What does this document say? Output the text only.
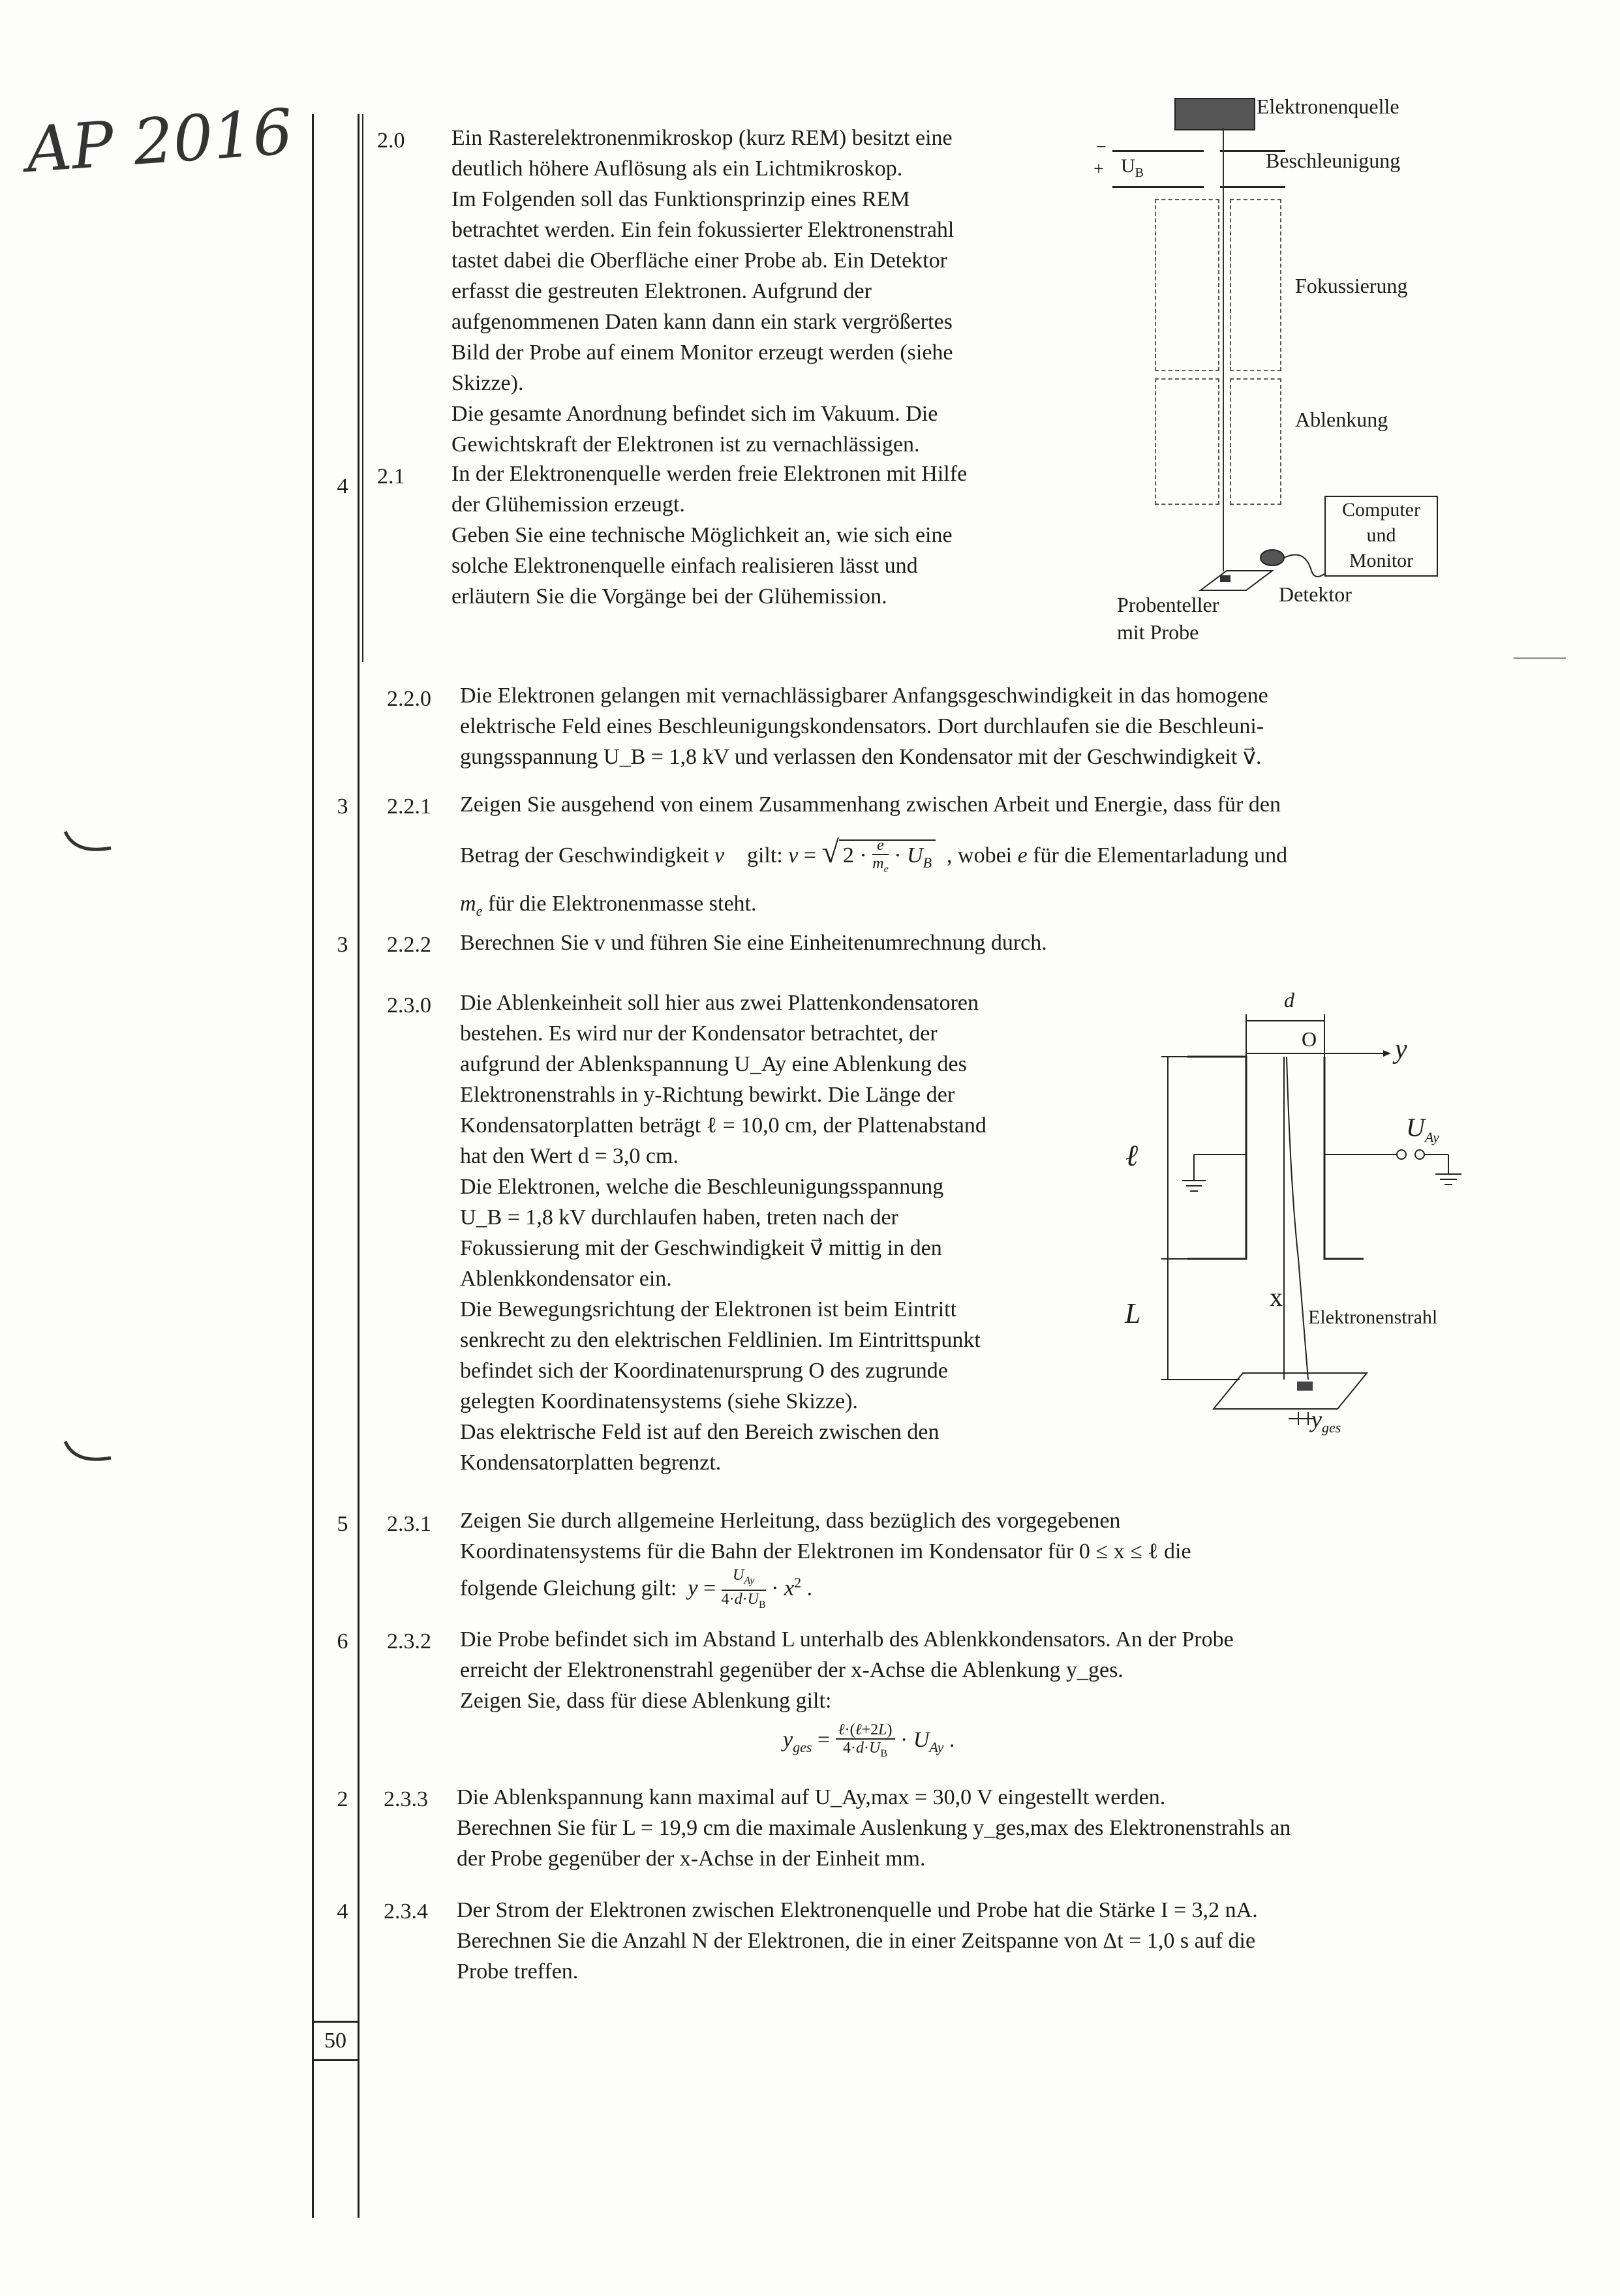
AP 2016
50
2.0 Ein Rasterelektronenmikroskop (kurz REM) besitzt eine

deutlich höhere Auflösung als ein Lichtmikroskop.

Im Folgenden soll das Funktionsprinzip eines REM

betrachtet werden. Ein fein fokussierter Elektronenstrahl

tastet dabei die Oberfläche einer Probe ab. Ein Detektor

erfasst die gestreuten Elektronen. Aufgrund der

aufgenommenen Daten kann dann ein stark vergrößertes

Bild der Probe auf einem Monitor erzeugt werden (siehe

Skizze).

Die gesamte Anordnung befindet sich im Vakuum. Die

Gewichtskraft der Elektronen ist zu vernachlässigen.

4	2.1 In der Elektronenquelle werden freie Elektronen mit Hilfe

der Glühemission erzeugt.

Geben Sie eine technische Möglichkeit an, wie sich eine

solche Elektronenquelle einfach realisieren lässt und

erläutern Sie die Vorgänge bei der Glühemission.

Elektronenquelle
−
+ $U_B$
Beschleunigung
Fokussierung
Ablenkung
Computer
und
Monitor
Detektor
Probenteller
mit Probe
2.2.0 Die Elektronen gelangen mit vernachlässigbarer Anfangsgeschwindigkeit in das homogene

elektrische Feld eines Beschleunigungskondensators. Dort durchlaufen sie die Beschleuni-

gungsspannung U_B = 1,8 kV und verlassen den Kondensator mit der Geschwindigkeit v⃗.

3	2.2.1 Zeigen Sie ausgehend von einem Zusammenhang zwischen Arbeit und Energie, dass für den

Betrag der Geschwindigkeit v⃗ gilt: v = √ $2 \cdot \frac{e}{m_e} \cdot U_B$ , wobei e für die Elementarladung und

$m_e$ für die Elektronenmasse steht.

3	2.2.2 Berechnen Sie v und führen Sie eine Einheitenumrechnung durch.
2.3.0 Die Ablenkeinheit soll hier aus zwei Plattenkondensatoren

bestehen. Es wird nur der Kondensator betrachtet, der

aufgrund der Ablenkspannung U_Ay eine Ablenkung des

Elektronenstrahls in y-Richtung bewirkt. Die Länge der

Kondensatorplatten beträgt ℓ = 10,0 cm, der Plattenabstand

hat den Wert d = 3,0 cm.

Die Elektronen, welche die Beschleunigungsspannung

U_B = 1,8 kV durchlaufen haben, treten nach der

Fokussierung mit der Geschwindigkeit v⃗ mittig in den

Ablenkkondensator ein.

Die Bewegungsrichtung der Elektronen ist beim Eintritt

senkrecht zu den elektrischen Feldlinien. Im Eintrittspunkt

befindet sich der Koordinatenursprung O des zugrunde

gelegten Koordinatensystems (siehe Skizze).

Das elektrische Feld ist auf den Bereich zwischen den

Kondensatorplatten begrenzt.

d
O	y
$U_{Ay}$
ℓ
L
x
Elektronenstrahl
$y_{ges}$
5	2.3.1 Zeigen Sie durch allgemeine Herleitung, dass bezüglich des vorgegebenen

Koordinatensystems für die Bahn der Elektronen im Kondensator für 0 ≤ x ≤ ℓ die

folgende Gleichung gilt: $y = \frac{U_{Ay}}{4\cdot d\cdot U_B} \cdot x^2$ .

6	2.3.2 Die Probe befindet sich im Abstand L unterhalb des Ablenkkondensators. An der Probe

erreicht der Elektronenstrahl gegenüber der x-Achse die Ablenkung y_ges.

Zeigen Sie, dass für diese Ablenkung gilt:

$y_{ges} = \frac{\text{ℓ·(ℓ+2L)}}{4\cdot d\cdot U_B} \cdot U_{Ay}$ .

2	2.3.3 Die Ablenkspannung kann maximal auf U_Ay,max = 30,0 V eingestellt werden.

Berechnen Sie für L = 19,9 cm die maximale Auslenkung y_ges,max des Elektronenstrahls an

der Probe gegenüber der x-Achse in der Einheit mm.

4	2.3.4 Der Strom der Elektronen zwischen Elektronenquelle und Probe hat die Stärke I = 3,2 nA.

Berechnen Sie die Anzahl N der Elektronen, die in einer Zeitspanne von Δt = 1,0 s auf die

Probe treffen.
